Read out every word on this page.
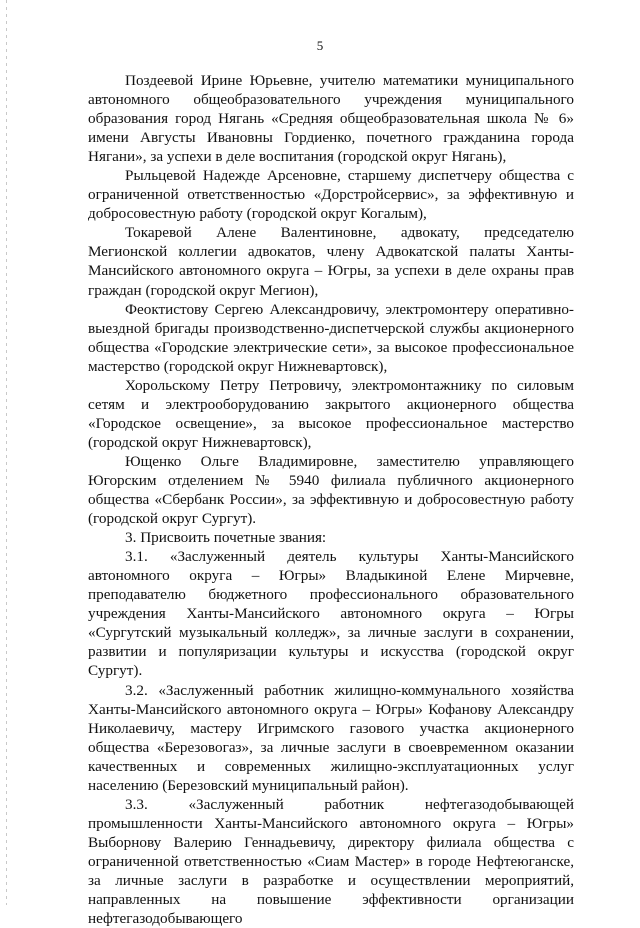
5

Поздеевой Ирине Юрьевне, учителю математики муниципального автономного общеобразовательного учреждения муниципального образования город Нягань «Средняя общеобразовательная школа № 6» имени Августы Ивановны Гордиенко, почетного гражданина города Нягани», за успехи в деле воспитания (городской округ Нягань),

Рыльцевой Надежде Арсеновне, старшему диспетчеру общества с ограниченной ответственностью «Дорстройсервис», за эффективную и добросовестную работу (городской округ Когалым),

Токаревой Алене Валентиновне, адвокату, председателю Мегионской коллегии адвокатов, члену Адвокатской палаты Ханты-Мансийского автономного округа – Югры, за успехи в деле охраны прав граждан (городской округ Мегион),

Феоктистову Сергею Александровичу, электромонтеру оперативно-выездной бригады производственно-диспетчерской службы акционерного общества «Городские электрические сети», за высокое профессиональное мастерство (городской округ Нижневартовск),

Хорольскому Петру Петровичу, электромонтажнику по силовым сетям и электрооборудованию закрытого акционерного общества «Городское освещение», за высокое профессиональное мастерство (городской округ Нижневартовск),

Ющенко Ольге Владимировне, заместителю управляющего Югорским отделением № 5940 филиала публичного акционерного общества «Сбербанк России», за эффективную и добросовестную работу (городской округ Сургут).

3. Присвоить почетные звания:

3.1. «Заслуженный деятель культуры Ханты-Мансийского автономного округа – Югры» Владыкиной Елене Мирчевне, преподавателю бюджетного профессионального образовательного учреждения Ханты-Мансийского автономного округа – Югры «Сургутский музыкальный колледж», за личные заслуги в сохранении, развитии и популяризации культуры и искусства (городской округ Сургут).

3.2. «Заслуженный работник жилищно-коммунального хозяйства Ханты-Мансийского автономного округа – Югры» Кофанову Александру Николаевичу, мастеру Игримского газового участка акционерного общества «Березовогаз», за личные заслуги в своевременном оказании качественных и современных жилищно-эксплуатационных услуг населению (Березовский муниципальный район).

3.3. «Заслуженный работник нефтегазодобывающей промышленности Ханты-Мансийского автономного округа – Югры» Выборнову Валерию Геннадьевичу, директору филиала общества с ограниченной ответственностью «Сиам Мастер» в городе Нефтеюганске, за личные заслуги в разработке и осуществлении мероприятий, направленных на повышение эффективности организации нефтегазодобывающего
